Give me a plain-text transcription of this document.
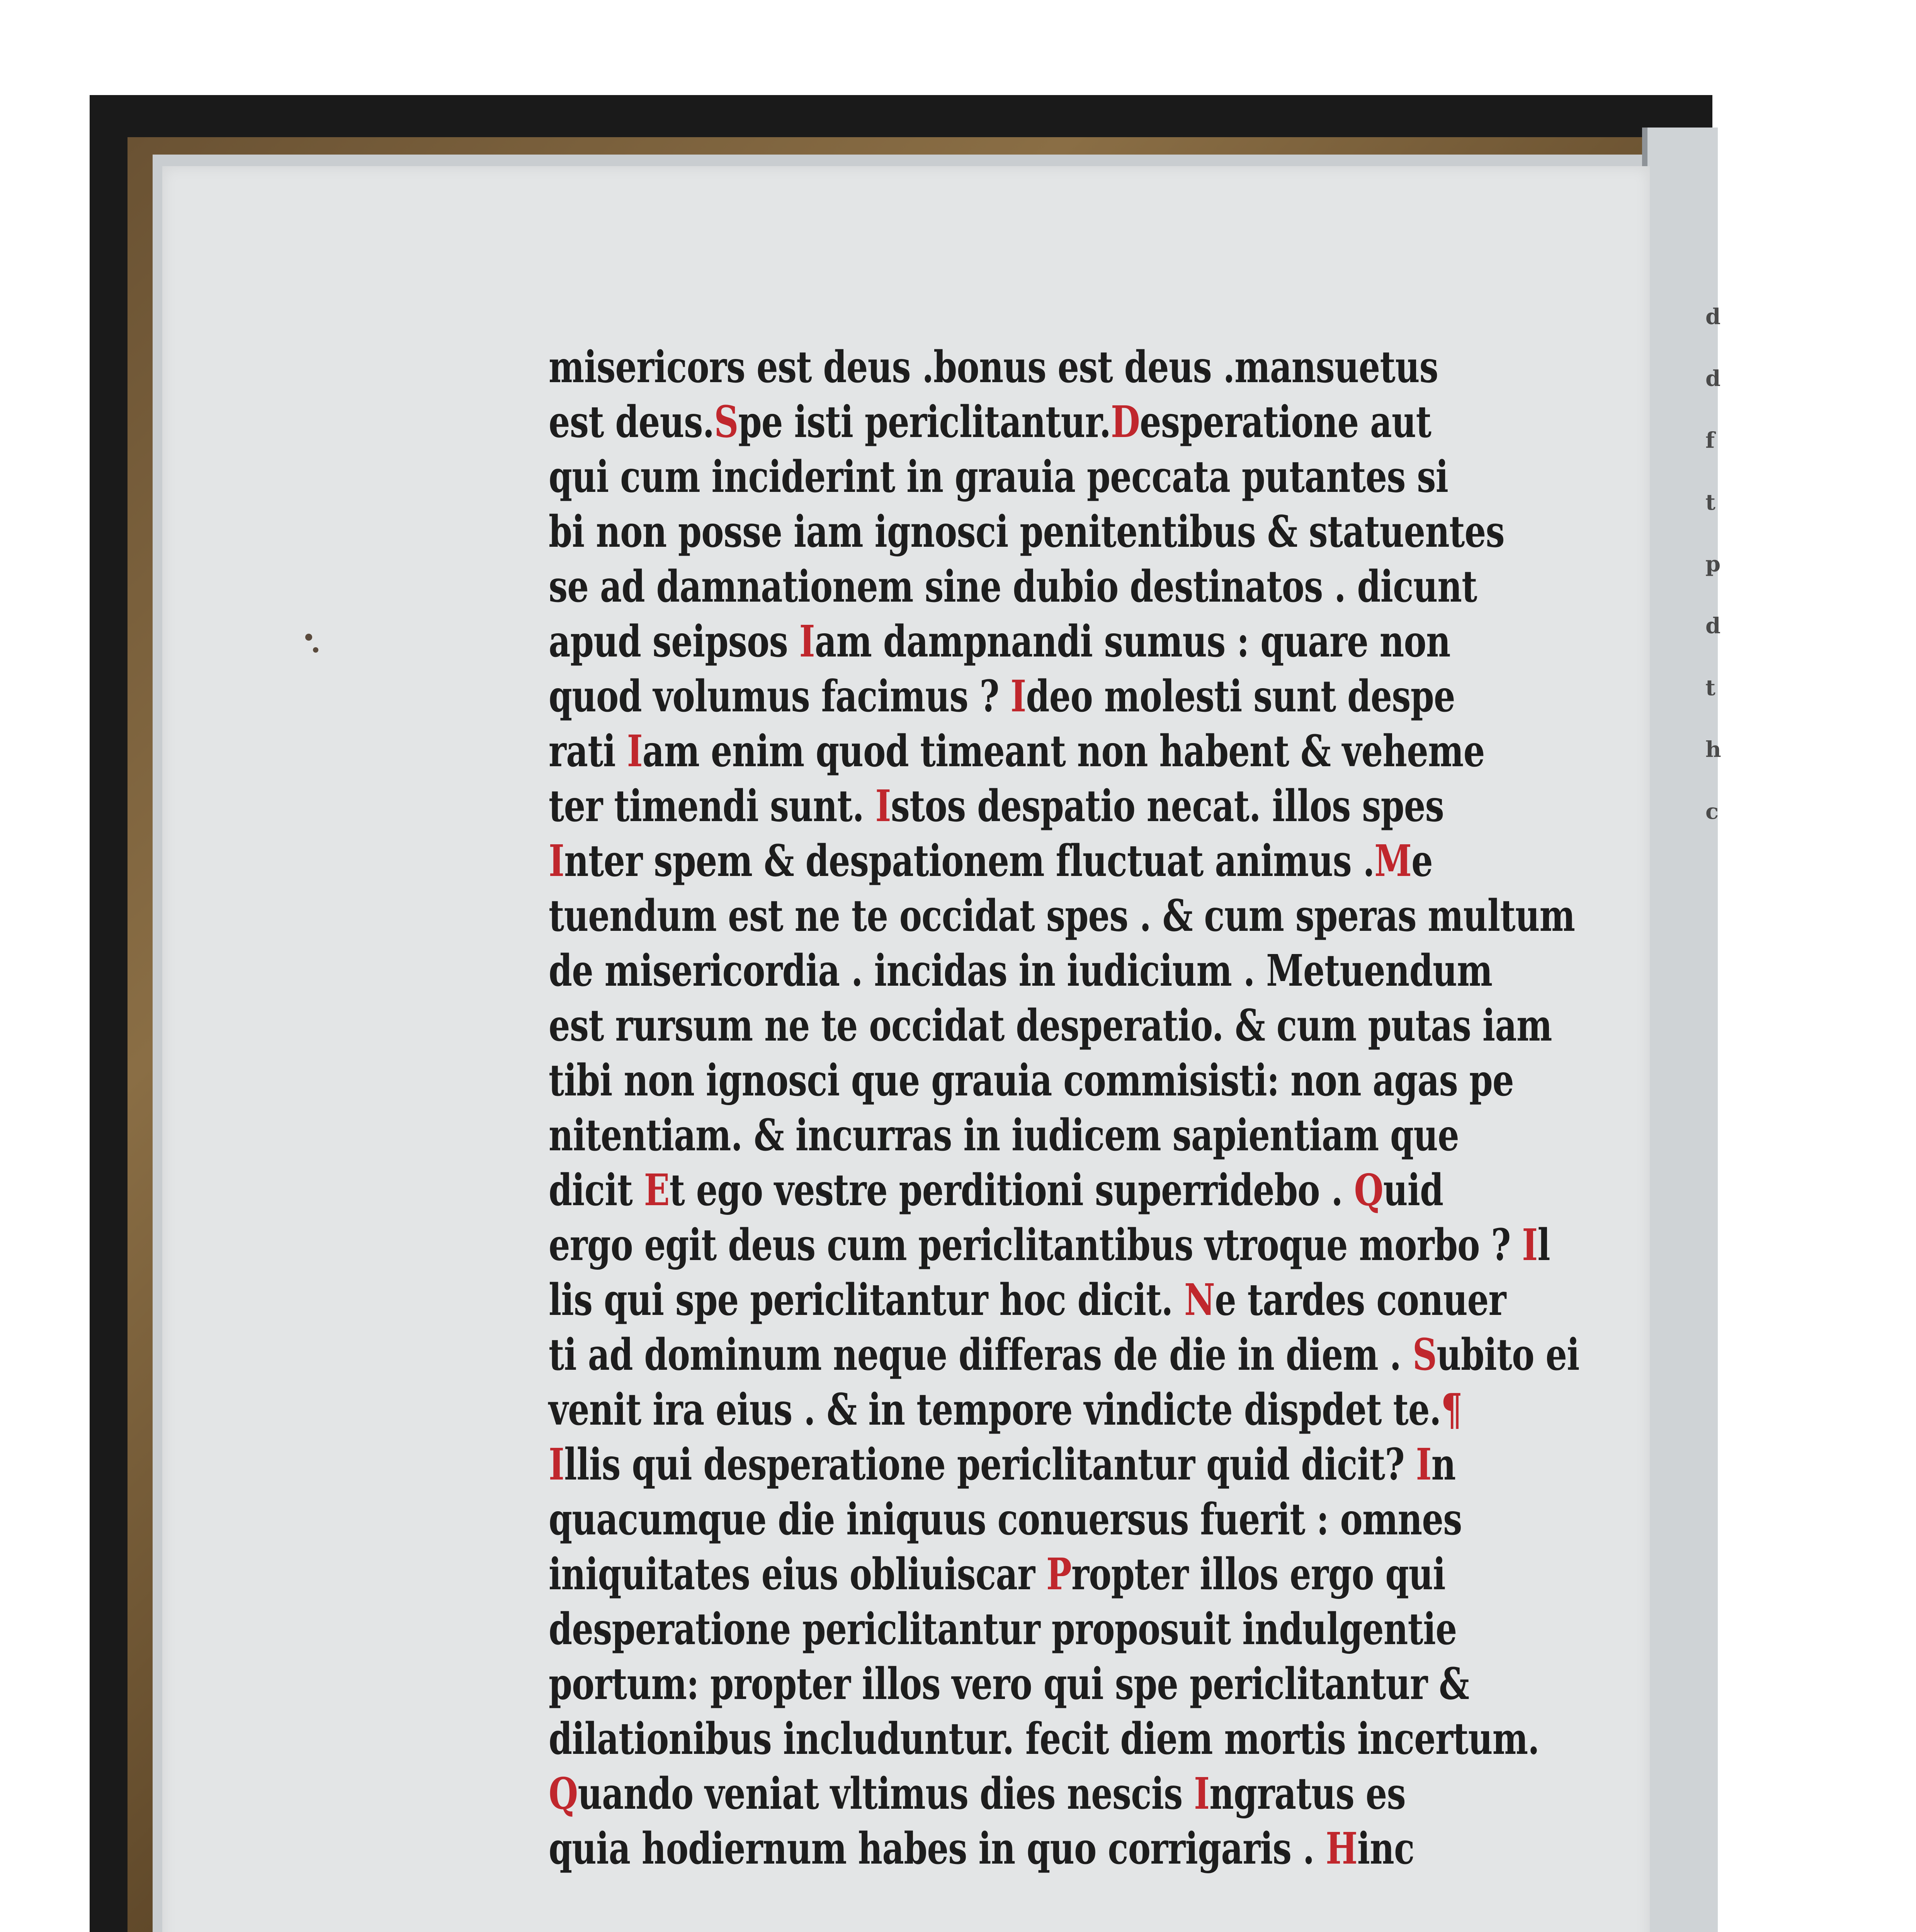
d
d
f
t
p
d
t
h
c
misericors est deus .bonus est deus .mansuetus
est deus.Spe isti periclitantur.Desperatione aut
qui cum inciderint in grauia peccata putantes si
bi non posse iam ignosci penitentibus & statuentes
se ad damnationem sine dubio destinatos . dicunt
apud seipsos Iam dampnandi sumus : quare non
quod volumus facimus ? Ideo molesti sunt despe
rati Iam enim quod timeant non habent & veheme
ter timendi sunt. Istos despatio necat. illos spes
Inter spem & despationem fluctuat animus .Me
tuendum est ne te occidat spes . & cum speras multum
de misericordia . incidas in iudicium . Metuendum
est rursum ne te occidat desperatio. & cum putas iam
tibi non ignosci que grauia commisisti: non agas pe
nitentiam. & incurras in iudicem sapientiam que
dicit Et ego vestre perditioni superridebo . Quid
ergo egit deus cum periclitantibus vtroque morbo ? Il
lis qui spe periclitantur hoc dicit. Ne tardes conuer
ti ad dominum neque differas de die in diem . Subito ei
venit ira eius . & in tempore vindicte dispdet te.¶
Illis qui desperatione periclitantur quid dicit? In
quacumque die iniquus conuersus fuerit : omnes
iniquitates eius obliuiscar Propter illos ergo qui
desperatione periclitantur proposuit indulgentie
portum: propter illos vero qui spe periclitantur &
dilationibus includuntur. fecit diem mortis incertum.
Quando veniat vltimus dies nescis Ingratus es
quia hodiernum habes in quo corrigaris . Hinc
